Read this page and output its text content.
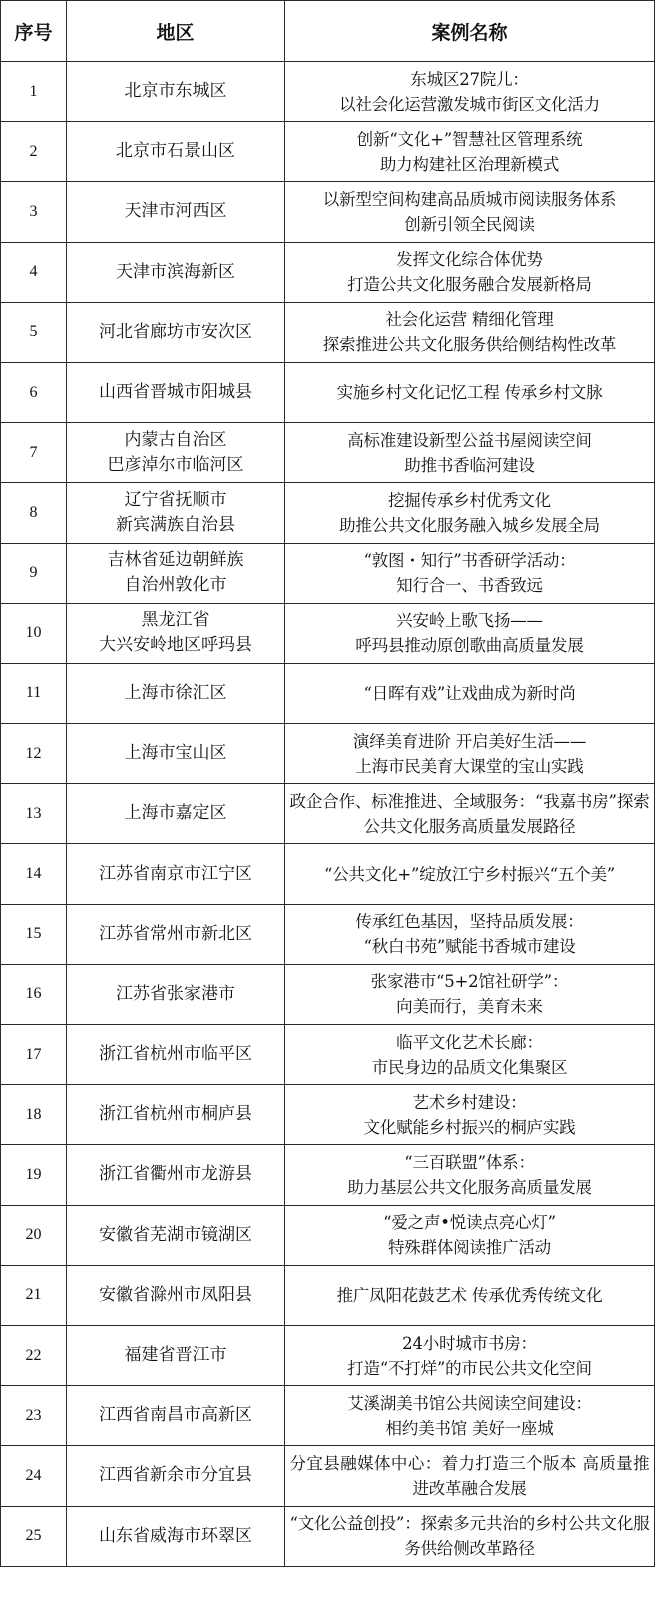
序号	地区	案例名称
1	北京市东城区	东城区27院儿：
以社会化运营激发城市街区文化活力

2	北京市石景山区	创新“文化+”智慧社区管理系统
助力构建社区治理新模式

3	天津市河西区	以新型空间构建高品质城市阅读服务体系
创新引领全民阅读

4	天津市滨海新区	发挥文化综合体优势
打造公共文化服务融合发展新格局

5	河北省廊坊市安次区	社会化运营 精细化管理
探索推进公共文化服务供给侧结构性改革

6	山西省晋城市阳城县	实施乡村文化记忆工程 传承乡村文脉

7	内蒙古自治区
巴彦淖尔市临河区	高标准建设新型公益书屋阅读空间
助推书香临河建设

8	辽宁省抚顺市
新宾满族自治县	挖掘传承乡村优秀文化
助推公共文化服务融入城乡发展全局

9	吉林省延边朝鲜族
自治州敦化市	“敦图・知行”书香研学活动：
知行合一、书香致远

10	黑龙江省
大兴安岭地区呼玛县	兴安岭上歌飞扬——
呼玛县推动原创歌曲高质量发展

11	上海市徐汇区	“日晖有戏”让戏曲成为新时尚

12	上海市宝山区	演绎美育进阶 开启美好生活——
上海市民美育大课堂的宝山实践

13	上海市嘉定区	政企合作、标准推进、全域服务：“我嘉书房”探索公共文化服务高质量发展路径

14	江苏省南京市江宁区	“公共文化+”绽放江宁乡村振兴“五个美”

15	江苏省常州市新北区	传承红色基因，坚持品质发展：
“秋白书苑”赋能书香城市建设

16	江苏省张家港市	张家港市“5+2馆社研学”：
向美而行，美育未来

17	浙江省杭州市临平区	临平文化艺术长廊：
市民身边的品质文化集聚区

18	浙江省杭州市桐庐县	艺术乡村建设：
文化赋能乡村振兴的桐庐实践

19	浙江省衢州市龙游县	“三百联盟”体系：
助力基层公共文化服务高质量发展

20	安徽省芜湖市镜湖区	“爱之声•悦读点亮心灯”
特殊群体阅读推广活动

21	安徽省滁州市凤阳县	推广凤阳花鼓艺术 传承优秀传统文化

22	福建省晋江市	24小时城市书房：
打造“不打烊”的市民公共文化空间

23	江西省南昌市高新区	艾溪湖美书馆公共阅读空间建设：
相约美书馆 美好一座城

24	江西省新余市分宜县	分宜县融媒体中心：着力打造三个版本 高质量推进改革融合发展

25	山东省威海市环翠区	“文化公益创投”：探索多元共治的乡村公共文化服务供给侧改革路径
